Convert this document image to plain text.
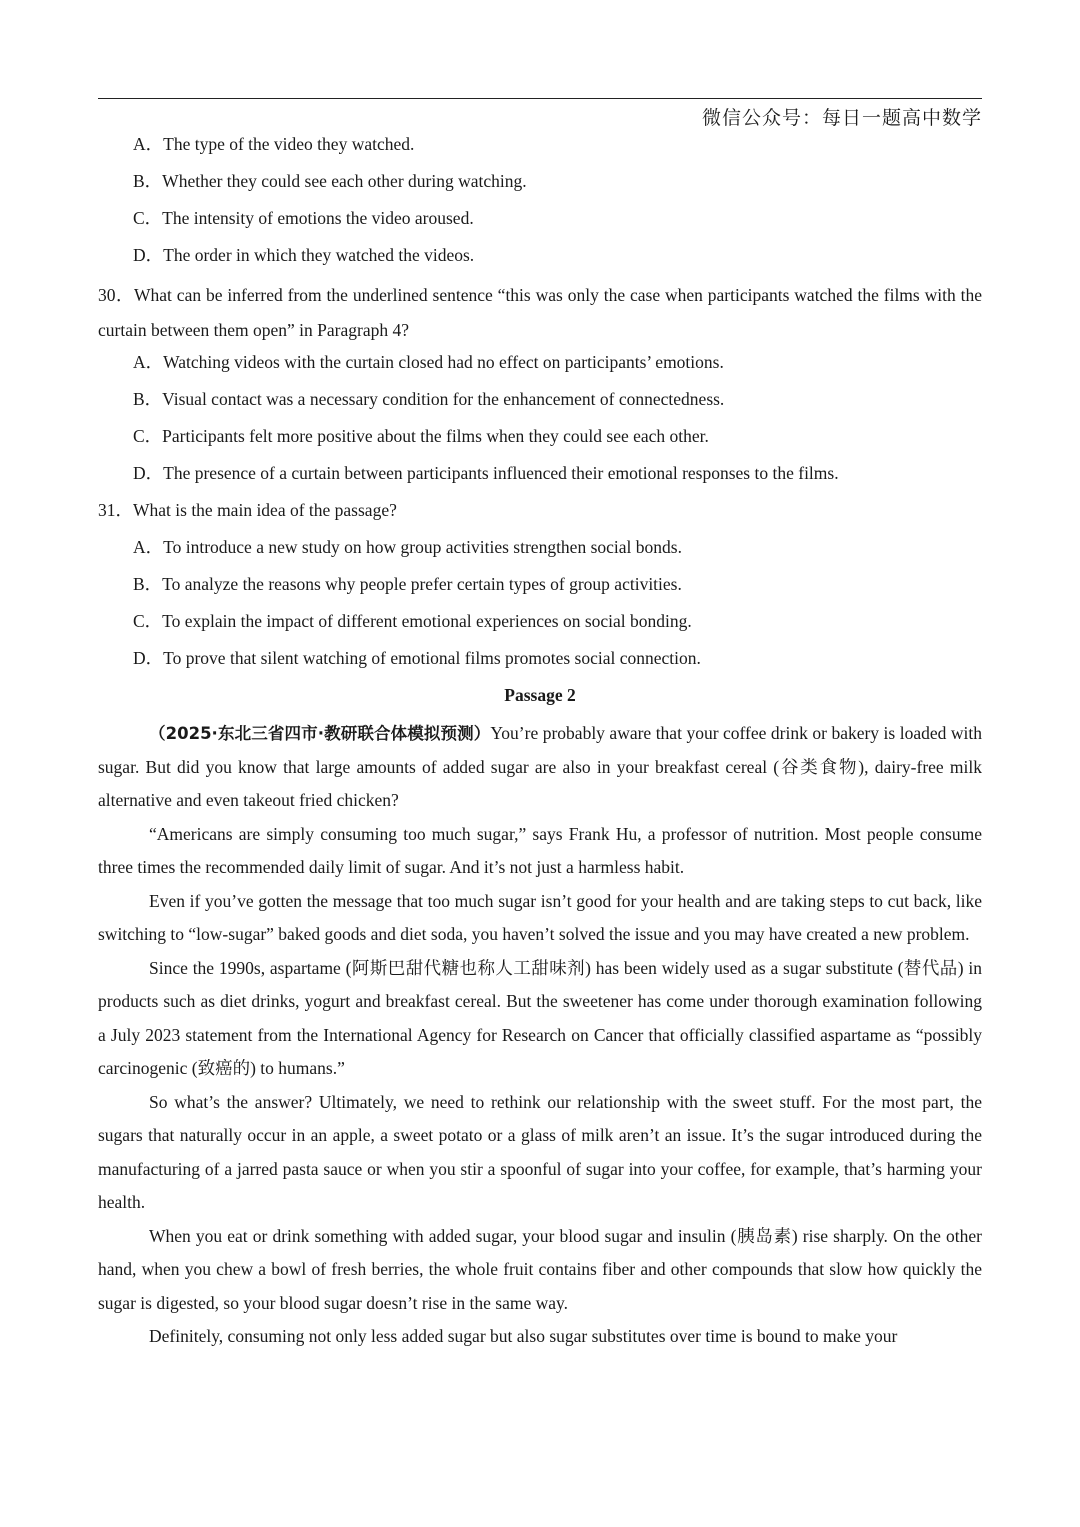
微信公众号：每日一题高中数学
A．The type of the video they watched.
B．Whether they could see each other during watching.
C．The intensity of emotions the video aroused.
D．The order in which they watched the videos.
30．What can be inferred from the underlined sentence “this was only the case when participants watched the films with the curtain between them open” in Paragraph 4?
A．Watching videos with the curtain closed had no effect on participants’ emotions.
B．Visual contact was a necessary condition for the enhancement of connectedness.
C．Participants felt more positive about the films when they could see each other.
D．The presence of a curtain between participants influenced their emotional responses to the films.
31．What is the main idea of the passage?
A．To introduce a new study on how group activities strengthen social bonds.
B．To analyze the reasons why people prefer certain types of group activities.
C．To explain the impact of different emotional experiences on social bonding.
D．To prove that silent watching of emotional films promotes social connection.
Passage 2

（2025·东北三省四市·教研联合体模拟预测）You’re probably aware that your coffee drink or bakery is loaded with sugar. But did you know that large amounts of added sugar are also in your breakfast cereal (谷类食物), dairy-free milk alternative and even takeout fried chicken?

“Americans are simply consuming too much sugar,” says Frank Hu, a professor of nutrition. Most people consume three times the recommended daily limit of sugar. And it’s not just a harmless habit.

Even if you’ve gotten the message that too much sugar isn’t good for your health and are taking steps to cut back, like switching to “low-sugar” baked goods and diet soda, you haven’t solved the issue and you may have created a new problem.

Since the 1990s, aspartame (阿斯巴甜代糖也称人工甜味剂) has been widely used as a sugar substitute (替代品) in products such as diet drinks, yogurt and breakfast cereal. But the sweetener has come under thorough examination following a July 2023 statement from the International Agency for Research on Cancer that officially classified aspartame as “possibly carcinogenic (致癌的) to humans.”

So what’s the answer? Ultimately, we need to rethink our relationship with the sweet stuff. For the most part, the sugars that naturally occur in an apple, a sweet potato or a glass of milk aren’t an issue. It’s the sugar introduced during the manufacturing of a jarred pasta sauce or when you stir a spoonful of sugar into your coffee, for example, that’s harming your health.

When you eat or drink something with added sugar, your blood sugar and insulin (胰岛素) rise sharply. On the other hand, when you chew a bowl of fresh berries, the whole fruit contains fiber and other compounds that slow how quickly the sugar is digested, so your blood sugar doesn’t rise in the same way.

Definitely, consuming not only less added sugar but also sugar substitutes over time is bound to make your
